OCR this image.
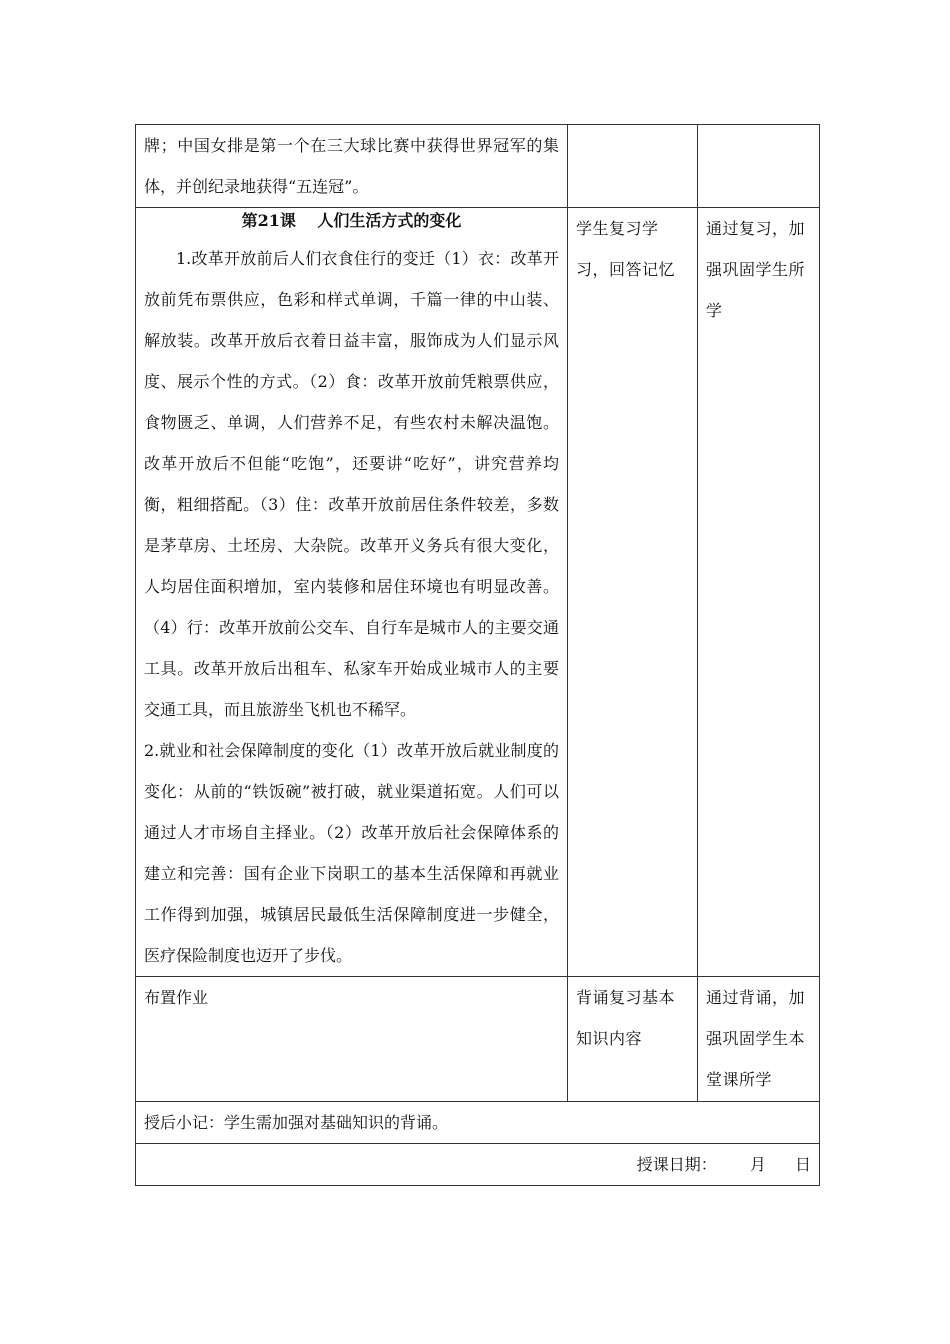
牌；中国女排是第一个在三大球比赛中获得世界冠军的集体，并创纪录地获得“五连冠”。		

第21课　 人们生活方式的变化

1.改革开放前后人们衣食住行的变迁（1）衣：改革开放前凭布票供应，色彩和样式单调，千篇一律的中山装、解放装。改革开放后衣着日益丰富，服饰成为人们显示风度、展示个性的方式。（2）食：改革开放前凭粮票供应，食物匮乏、单调，人们营养不足，有些农村未解决温饱。改革开放后不但能“吃饱”，还要讲“吃好”，讲究营养均衡，粗细搭配。（3）住：改革开放前居住条件较差，多数是茅草房、土坯房、大杂院。改革开义务兵有很大变化，人均居住面积增加，室内装修和居住环境也有明显改善。（4）行：改革开放前公交车、自行车是城市人的主要交通工具。改革开放后出租车、私家车开始成业城市人的主要交通工具，而且旅游坐飞机也不稀罕。

2.就业和社会保障制度的变化（1）改革开放后就业制度的变化：从前的“铁饭碗”被打破，就业渠道拓宽。人们可以通过人才市场自主择业。（2）改革开放后社会保障体系的建立和完善：国有企业下岗职工的基本生活保障和再就业工作得到加强，城镇居民最低生活保障制度进一步健全，医疗保险制度也迈开了步伐。	学生复习学习，回答记忆	通过复习，加强巩固学生所学

布置作业	背诵复习基本知识内容	通过背诵，加强巩固学生本堂课所学

授后小记：学生需加强对基础知识的背诵。		

授课日期： 月 日		
